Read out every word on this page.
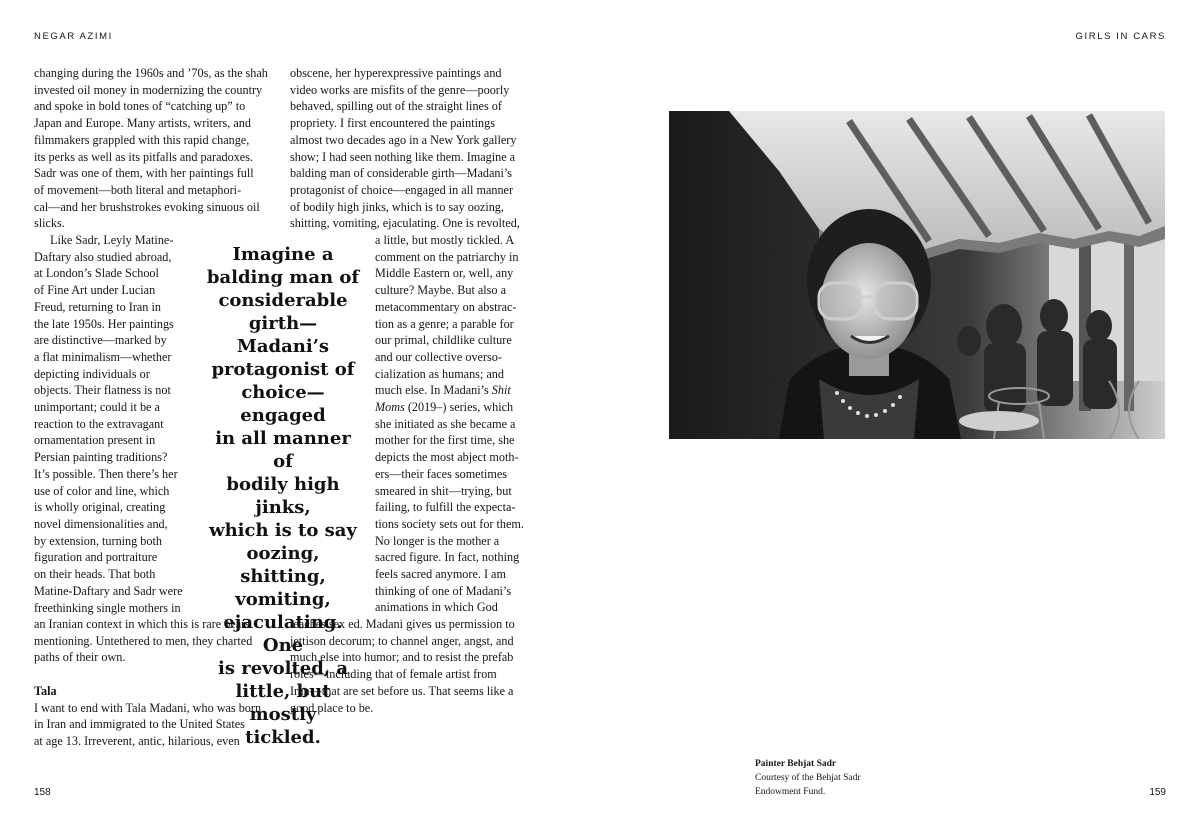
NEGAR AZIMI	GIRLS IN CARS
changing during the 1960s and ’70s, as the shah
invested oil money in modernizing the country
and spoke in bold tones of “catching up” to
Japan and Europe. Many artists, writers, and
filmmakers grappled with this rapid change,
its perks as well as its pitfalls and paradoxes.
Sadr was one of them, with her paintings full
of movement—both literal and metaphori-
cal—and her brushstrokes evoking sinuous oil
slicks.
Like Sadr, Leyly Matine-
Daftary also studied abroad,
at London’s Slade School
of Fine Art under Lucian
Freud, returning to Iran in
the late 1950s. Her paintings
are distinctive—marked by
a flat minimalism—whether
depicting individuals or
objects. Their flatness is not
unimportant; could it be a
reaction to the extravagant
ornamentation present in
Persian painting traditions?
It’s possible. Then there’s her
use of color and line, which
is wholly original, creating
novel dimensionalities and,
by extension, turning both
figuration and portraiture
on their heads. That both
Matine-Daftary and Sadr were
freethinking single mothers in
an Iranian context in which this is rare bears
mentioning. Untethered to men, they charted
paths of their own.
Tala
I want to end with Tala Madani, who was born
in Iran and immigrated to the United States
at age 13. Irreverent, antic, hilarious, even
obscene, her hyperexpressive paintings and
video works are misfits of the genre—poorly
behaved, spilling out of the straight lines of
propriety. I first encountered the paintings
almost two decades ago in a New York gallery
show; I had seen nothing like them. Imagine a
balding man of considerable girth—Madani’s
protagonist of choice—engaged in all manner
of bodily high jinks, which is to say oozing,
shitting, vomiting, ejaculating. One is revolted,
a little, but mostly tickled. A
comment on the patriarchy in
Middle Eastern or, well, any
culture? Maybe. But also a
metacommentary on abstrac-
tion as a genre; a parable for
our primal, childlike culture
and our collective overso-
cialization as humans; and
much else. In Madani’s Shit
Moms (2019–) series, which
she initiated as she became a
mother for the first time, she
depicts the most abject moth-
ers—their faces sometimes
smeared in shit—trying, but
failing, to fulfill the expecta-
tions society sets out for them.
No longer is the mother a
sacred figure. In fact, nothing
feels sacred anymore. I am
thinking of one of Madani’s
animations in which God
teaches sex ed. Madani gives us permission to
jettison decorum; to channel anger, angst, and
much else into humor; and to resist the prefab
roles—including that of female artist from
Iran—that are set before us. That seems like a
good place to be.
Imagine a
balding man of
considerable
girth—Madani’s
protagonist of
choice—engaged
in all manner of
bodily high jinks,
which is to say
oozing, shitting,
vomiting,
ejaculating. One
is revolted, a
little, but mostly
tickled.
Painter Behjat Sadr
Courtesy of the Behjat Sadr
Endowment Fund.
158	159
